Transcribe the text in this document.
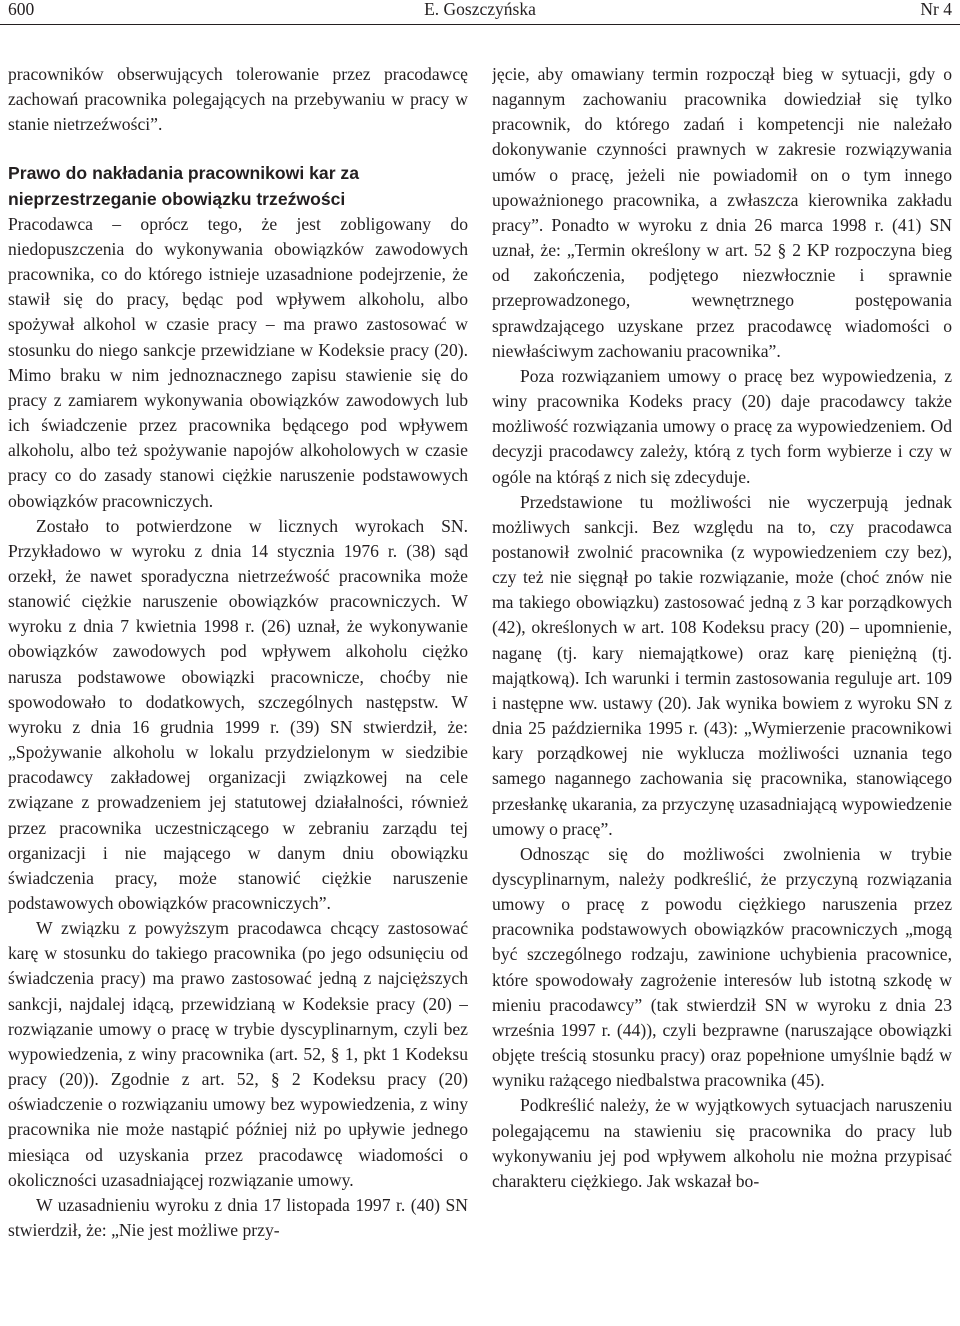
600	E. Goszczyńska	Nr 4

pracowników obserwujących tolerowanie przez pracodawcę zachowań pracownika polegających na przebywaniu w pracy w stanie nietrzeźwości”.

Prawo do nakładania pracownikowi kar za nieprzestrzeganie obowiązku trzeźwości

Pracodawca – oprócz tego, że jest zobligowany do niedopuszczenia do wykonywania obowiązków zawodowych pracownika, co do którego istnieje uzasadnione podejrzenie, że stawił się do pracy, będąc pod wpływem alkoholu, albo spożywał alkohol w czasie pracy – ma prawo zastosować w stosunku do niego sankcje przewidziane w Kodeksie pracy (20). Mimo braku w nim jednoznacznego zapisu stawienie się do pracy z zamiarem wykonywania obowiązków zawodowych lub ich świadczenie przez pracownika będącego pod wpływem alkoholu, albo też spożywanie napojów alkoholowych w czasie pracy co do zasady stanowi ciężkie naruszenie podstawowych obowiązków pracowniczych.

Zostało to potwierdzone w licznych wyrokach SN. Przykładowo w wyroku z dnia 14 stycznia 1976 r. (38) sąd orzekł, że nawet sporadyczna nietrzeźwość pracownika może stanowić ciężkie naruszenie obowiązków pracowniczych. W wyroku z dnia 7 kwietnia 1998 r. (26) uznał, że wykonywanie obowiązków zawodowych pod wpływem alkoholu ciężko narusza podstawowe obowiązki pracownicze, choćby nie spowodowało to dodatkowych, szczególnych następstw. W wyroku z dnia 16 grudnia 1999 r. (39) SN stwierdził, że: „Spożywanie alkoholu w lokalu przydzielonym w siedzibie pracodawcy zakładowej organizacji związkowej na cele związane z prowadzeniem jej statutowej działalności, również przez pracownika uczestniczącego w zebraniu zarządu tej organizacji i nie mającego w danym dniu obowiązku świadczenia pracy, może stanowić ciężkie naruszenie podstawowych obowiązków pracowniczych”.

W związku z powyższym pracodawca chcący zastosować karę w stosunku do takiego pracownika (po jego odsunięciu od świadczenia pracy) ma prawo zastosować jedną z najcięższych sankcji, najdalej idącą, przewidzianą w Kodeksie pracy (20) – rozwiązanie umowy o pracę w trybie dyscyplinarnym, czyli bez wypowiedzenia, z winy pracownika (art. 52, § 1, pkt 1 Kodeksu pracy (20)). Zgodnie z art. 52, § 2 Kodeksu pracy (20) oświadczenie o rozwiązaniu umowy bez wypowiedzenia, z winy pracownika nie może nastąpić później niż po upływie jednego miesiąca od uzyskania przez pracodawcę wiadomości o okoliczności uzasadniającej rozwiązanie umowy.

W uzasadnieniu wyroku z dnia 17 listopada 1997 r. (40) SN stwierdził, że: „Nie jest możliwe przy-

jęcie, aby omawiany termin rozpoczął bieg w sytuacji, gdy o nagannym zachowaniu pracownika dowiedział się tylko pracownik, do którego zadań i kompetencji nie należało dokonywanie czynności prawnych w zakresie rozwiązywania umów o pracę, jeżeli nie powiadomił on o tym innego upoważnionego pracownika, a zwłaszcza kierownika zakładu pracy”. Ponadto w wyroku z dnia 26 marca 1998 r. (41) SN uznał, że: „Termin określony w art. 52 § 2 KP rozpoczyna bieg od zakończenia, podjętego niezwłocznie i sprawnie przeprowadzonego, wewnętrznego postępowania sprawdzającego uzyskane przez pracodawcę wiadomości o niewłaściwym zachowaniu pracownika”.

Poza rozwiązaniem umowy o pracę bez wypowiedzenia, z winy pracownika Kodeks pracy (20) daje pracodawcy także możliwość rozwiązania umowy o pracę za wypowiedzeniem. Od decyzji pracodawcy zależy, którą z tych form wybierze i czy w ogóle na którąś z nich się zdecyduje.

Przedstawione tu możliwości nie wyczerpują jednak możliwych sankcji. Bez względu na to, czy pracodawca postanowił zwolnić pracownika (z wypowiedzeniem czy bez), czy też nie sięgnął po takie rozwiązanie, może (choć znów nie ma takiego obowiązku) zastosować jedną z 3 kar porządkowych (42), określonych w art. 108 Kodeksu pracy (20) – upomnienie, naganę (tj. kary niemajątkowe) oraz karę pieniężną (tj. majątkową). Ich warunki i termin zastosowania reguluje art. 109 i następne ww. ustawy (20). Jak wynika bowiem z wyroku SN z dnia 25 października 1995 r. (43): „Wymierzenie pracownikowi kary porządkowej nie wyklucza możliwości uznania tego samego nagannego zachowania się pracownika, stanowiącego przesłankę ukarania, za przyczynę uzasadniającą wypowiedzenie umowy o pracę”.

Odnosząc się do możliwości zwolnienia w trybie dyscyplinarnym, należy podkreślić, że przyczyną rozwiązania umowy o pracę z powodu ciężkiego naruszenia przez pracownika podstawowych obowiązków pracowniczych „mogą być szczególnego rodzaju, zawinione uchybienia pracownice, które spowodowały zagrożenie interesów lub istotną szkodę w mieniu pracodawcy” (tak stwierdził SN w wyroku z dnia 23 września 1997 r. (44)), czyli bezprawne (naruszające obowiązki objęte treścią stosunku pracy) oraz popełnione umyślnie bądź w wyniku rażącego niedbalstwa pracownika (45).

Podkreślić należy, że w wyjątkowych sytuacjach naruszeniu polegającemu na stawieniu się pracownika do pracy lub wykonywaniu jej pod wpływem alkoholu nie można przypisać charakteru ciężkiego. Jak wskazał bo-
